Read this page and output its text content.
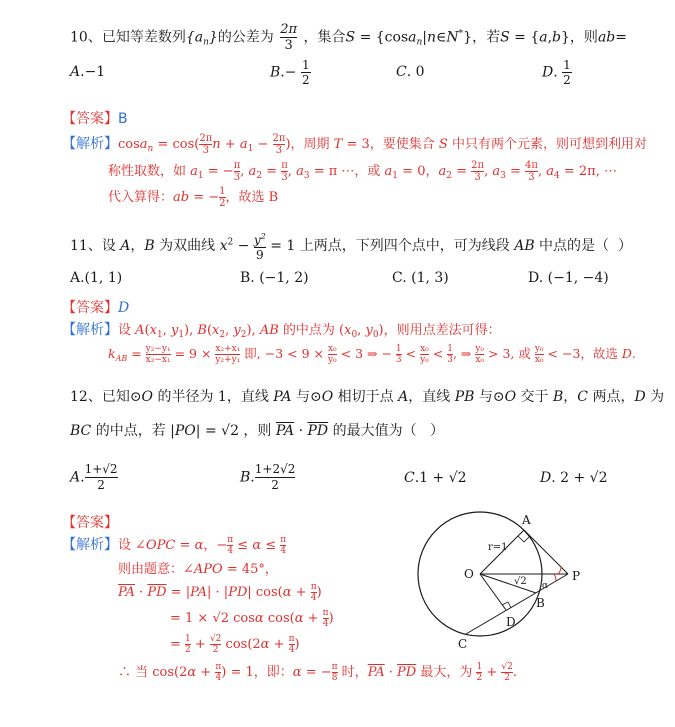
10、已知等差数列$\{a_n\}$的公差为 $\frac{2\pi}{3}$ ，集合S = {cosa$_n$|n∈N*}，若S = {a,b}，则ab=
A.−1	$B.- \frac{1}{2}$	C. 0	D. $\frac{1}{2}$
【答案】B
【解析】$\cos a_n = \cos( \frac{2\pi}{3}$ $n + a_1 - \frac{2\pi}{3}$ )，周期 T = 3，要使集合 S 中只有两个元素，则可想到利用对
称性取数，如 $a_1$ = − $\frac{\pi}{3}$ , $a_2 = \frac{\pi}{3}$ , $a_3 = \pi$ ⋯，或 $a_1 = 0$，$a_2 = \frac{2\pi}{3}$ , $a_3 = \frac{4\pi}{3}$ , $a_4 = 2\pi$, ⋯
代入算得：ab = − $\frac{1}{2}$ ，故选 B
11、设 A，B 为双曲线 $x^2 - \frac{y^2}{9} = 1$ 上两点，下列四个点中，可为线段 AB 中点的是（  ）
A.(1, 1)	B. (−1, 2)	C. (1, 3)	D. (−1, −4)
【答案】D
【解析】设 $A(x_1$, $y_1$), $B(x_2$, $y_2$), AB 的中点为 ($x_0$, $y_0$)，则用点差法可得：
$k_{AB} = \frac{\text{y₂−y₁}}{\text{x₂−x₁}} = 9 \times \frac{\text{x₂+x₁}}{\text{y₂+y₁}}$ 即, $-3 < 9 \times \frac{\text{x₀}}{\text{y₀}} < 3$ ⇒ − $\frac{1}{3} < \frac{\text{x₀}}{\text{y₀}} < \frac{1}{3}$ , ⇒ $\frac{\text{y₀}}{\text{x₀}} > 3$, 或 $\frac{\text{y₀}}{\text{x₀}} < -3$，故选 D.
12、已知⊙O 的半径为 1，直线 PA 与⊙O 相切于点 A，直线 PB 与⊙O 交于 B，C 两点，D 为
BC 的中点，若 |PO| = √2 ，则 $\overline{PA} \cdot \overline{PD}$ 的最大值为（   ）
A. $\frac{1+√2}{2}$	B. $\frac{1+2√2}{2}$	C.1 + √2	D. 2 + √2
【答案】
【解析】设 ∠OPC = α，− $\frac{\pi}{4} \le \alpha \le \frac{\pi}{4}$
则由题意：∠APO = 45°，
$\overline{PA} \cdot \overline{PD} = |PA| \cdot |PD|$ $\cos(\alpha + \frac{\pi}{4}$ )
= 1 × √2 cosα $\cos(\alpha + \frac{\pi}{4}$ )
= $\frac{1}{2} + \frac{√2}{2} \cos(2\alpha + \frac{\pi}{4}$ )
∴ 当 $\cos(2\alpha + \frac{\pi}{4}$ ) = 1，即：α = − $\frac{\pi}{8}$ 时，$\overline{PA} \cdot \overline{PD}$ 最大，为 $\frac{1}{2} + \frac{√2}{2}$ .
A
r=1
O
√2 α
P
B
D
C
